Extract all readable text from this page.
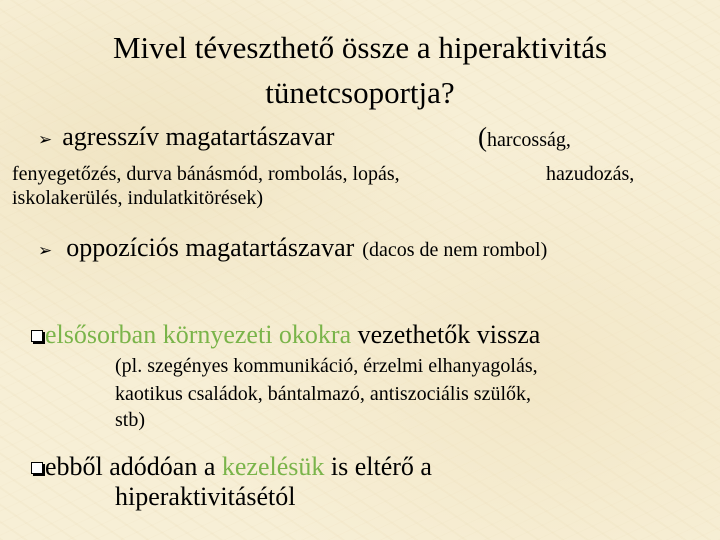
Mivel téveszthető össze a hiperaktivitás
tünetcsoportja?
➢ agresszív magatartászavar	(harcosság,
fenyegetőzés, durva bánásmód, rombolás, lopás,	hazudozás,
iskolakerülés, indulatkitörések)
➢ oppozíciós magatartászavar (dacos de nem rombol)
elsősorban környezeti okokra vezethetők vissza
(pl. szegényes kommunikáció, érzelmi elhanyagolás,
kaotikus családok, bántalmazó, antiszociális szülők,
stb)
ebből adódóan a kezelésük is eltérő a
hiperaktivitásétól
